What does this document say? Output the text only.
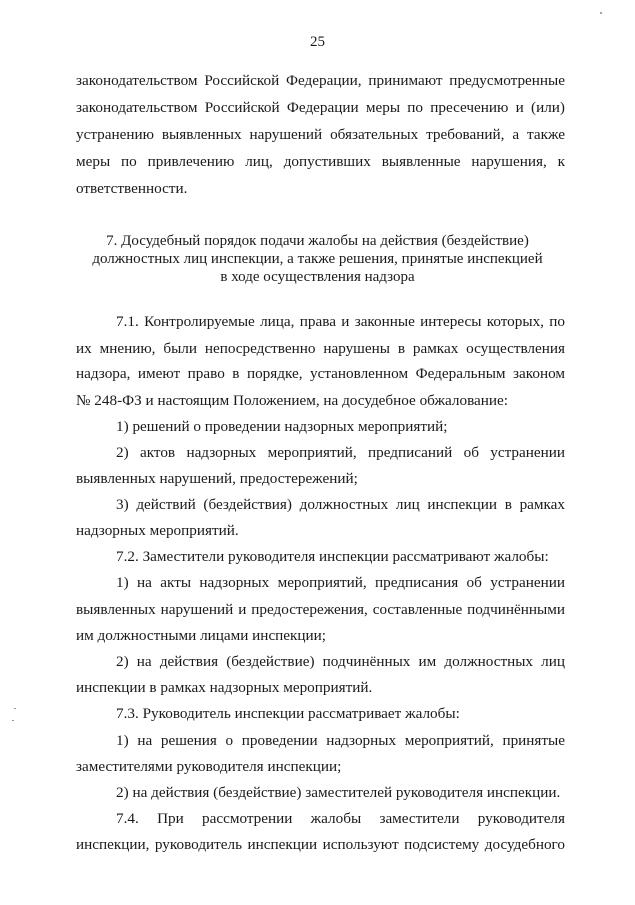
25
законодательством Российской Федерации, принимают предусмотренные
законодательством Российской Федерации меры по пресечению и (или)
устранению выявленных нарушений обязательных требований, а также
меры по привлечению лиц, допустивших выявленные нарушения, к
ответственности.
7. Досудебный порядок подачи жалобы на действия (бездействие)
должностных лиц инспекции, а также решения, принятые инспекцией
в ходе осуществления надзора
7.1. Контролируемые лица, права и законные интересы которых, по
их мнению, были непосредственно нарушены в рамках осуществления
надзора, имеют право в порядке, установленном Федеральным законом
№ 248-ФЗ и настоящим Положением, на досудебное обжалование:
1) решений о проведении надзорных мероприятий;
2) актов надзорных мероприятий, предписаний об устранении
выявленных нарушений, предостережений;
3) действий (бездействия) должностных лиц инспекции в рамках
надзорных мероприятий.
7.2. Заместители руководителя инспекции рассматривают жалобы:
1) на акты надзорных мероприятий, предписания об устранении
выявленных нарушений и предостережения, составленные подчинёнными
им должностными лицами инспекции;
2) на действия (бездействие) подчинённых им должностных лиц
инспекции в рамках надзорных мероприятий.
7.3. Руководитель инспекции рассматривает жалобы:
1) на решения о проведении надзорных мероприятий, принятые
заместителями руководителя инспекции;
2) на действия (бездействие) заместителей руководителя инспекции.
7.4. При рассмотрении жалобы заместители руководителя
инспекции, руководитель инспекции используют подсистему досудебного
